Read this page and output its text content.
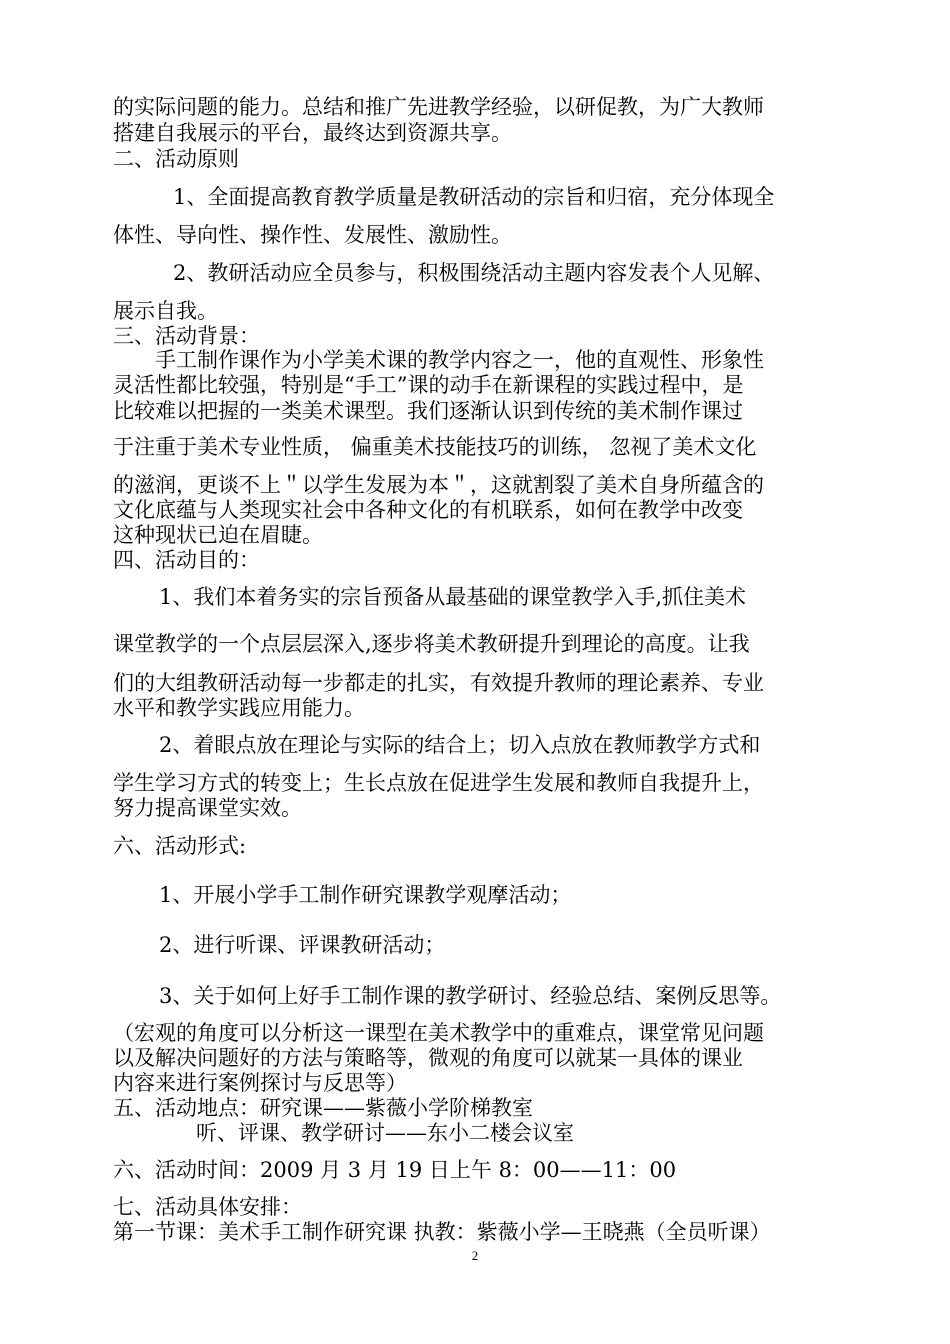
的实际问题的能力。总结和推广先进教学经验，以研促教，为广大教师
搭建自我展示的平台，最终达到资源共享。
二、活动原则
1、全面提高教育教学质量是教研活动的宗旨和归宿，充分体现全
体性、导向性、操作性、发展性、激励性。
2、教研活动应全员参与，积极围绕活动主题内容发表个人见解、
展示自我。
三、活动背景：
手工制作课作为小学美术课的教学内容之一，他的直观性、形象性
灵活性都比较强，特别是“手工”课的动手在新课程的实践过程中，是
比较难以把握的一类美术课型。我们逐渐认识到传统的美术制作课过
于注重于美术专业性质， 偏重美术技能技巧的训练， 忽视了美术文化
的滋润，更谈不上＂以学生发展为本＂，这就割裂了美术自身所蕴含的
文化底蕴与人类现实社会中各种文化的有机联系，如何在教学中改变
这种现状已迫在眉睫。
四、活动目的：
1、我们本着务实的宗旨预备从最基础的课堂教学入手,抓住美术
课堂教学的一个点层层深入,逐步将美术教研提升到理论的高度。让我
们的大组教研活动每一步都走的扎实，有效提升教师的理论素养、专业
水平和教学实践应用能力。
2、着眼点放在理论与实际的结合上；切入点放在教师教学方式和
学生学习方式的转变上；生长点放在促进学生发展和教师自我提升上，
努力提高课堂实效。
六、活动形式:
1、开展小学手工制作研究课教学观摩活动；
2、进行听课、评课教研活动；
3、关于如何上好手工制作课的教学研讨、经验总结、案例反思等。
（宏观的角度可以分析这一课型在美术教学中的重难点，课堂常见问题
以及解决问题好的方法与策略等，微观的角度可以就某一具体的课业
内容来进行案例探讨与反思等）
五、活动地点：研究课——紫薇小学阶梯教室
听、评课、教学研讨——东小二楼会议室
六、活动时间：2009 月 3 月 19 日上午 8：00——11：00
七、活动具体安排：
第一节课：美术手工制作研究课 执教：紫薇小学—王晓燕（全员听课）
2
